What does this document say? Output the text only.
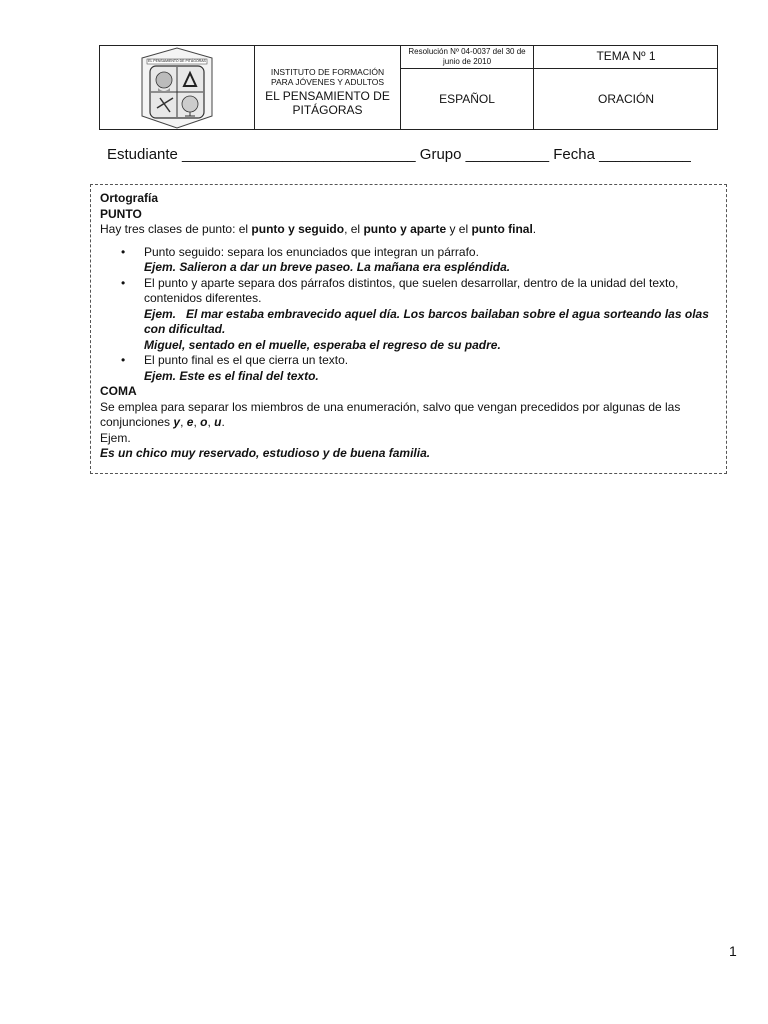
EL PENSAMIENTO DE PITÁGORAS
INSTITUTO DE FORMACIÓN
PARA JÓVENES Y ADULTOS
EL PENSAMIENTO DE PITÁGORAS
Resolución Nº 04-0037 del 30 de junio de 2010	TEMA Nº 1
ESPAÑOL	ORACIÓN
Estudiante ____________________________ Grupo __________ Fecha ___________

Ortografía

PUNTO

Hay tres clases de punto: el punto y seguido, el punto y aparte y el punto final.

• Punto seguido: separa los enunciados que integran un párrafo.
Ejem. Salieron a dar un breve paseo. La mañana era espléndida.
• El punto y aparte separa dos párrafos distintos, que suelen desarrollar, dentro de la unidad del texto, contenidos diferentes.
Ejem.   El mar estaba embravecido aquel día. Los barcos bailaban sobre el agua sorteando las olas con dificultad.
Miguel, sentado en el muelle, esperaba el regreso de su padre.
• El punto final es el que cierra un texto.
Ejem. Este es el final del texto.

COMA

Se emplea para separar los miembros de una enumeración, salvo que vengan precedidos por algunas de las conjunciones y, e, o, u.

Ejem.

Es un chico muy reservado, estudioso y de buena familia.

1
